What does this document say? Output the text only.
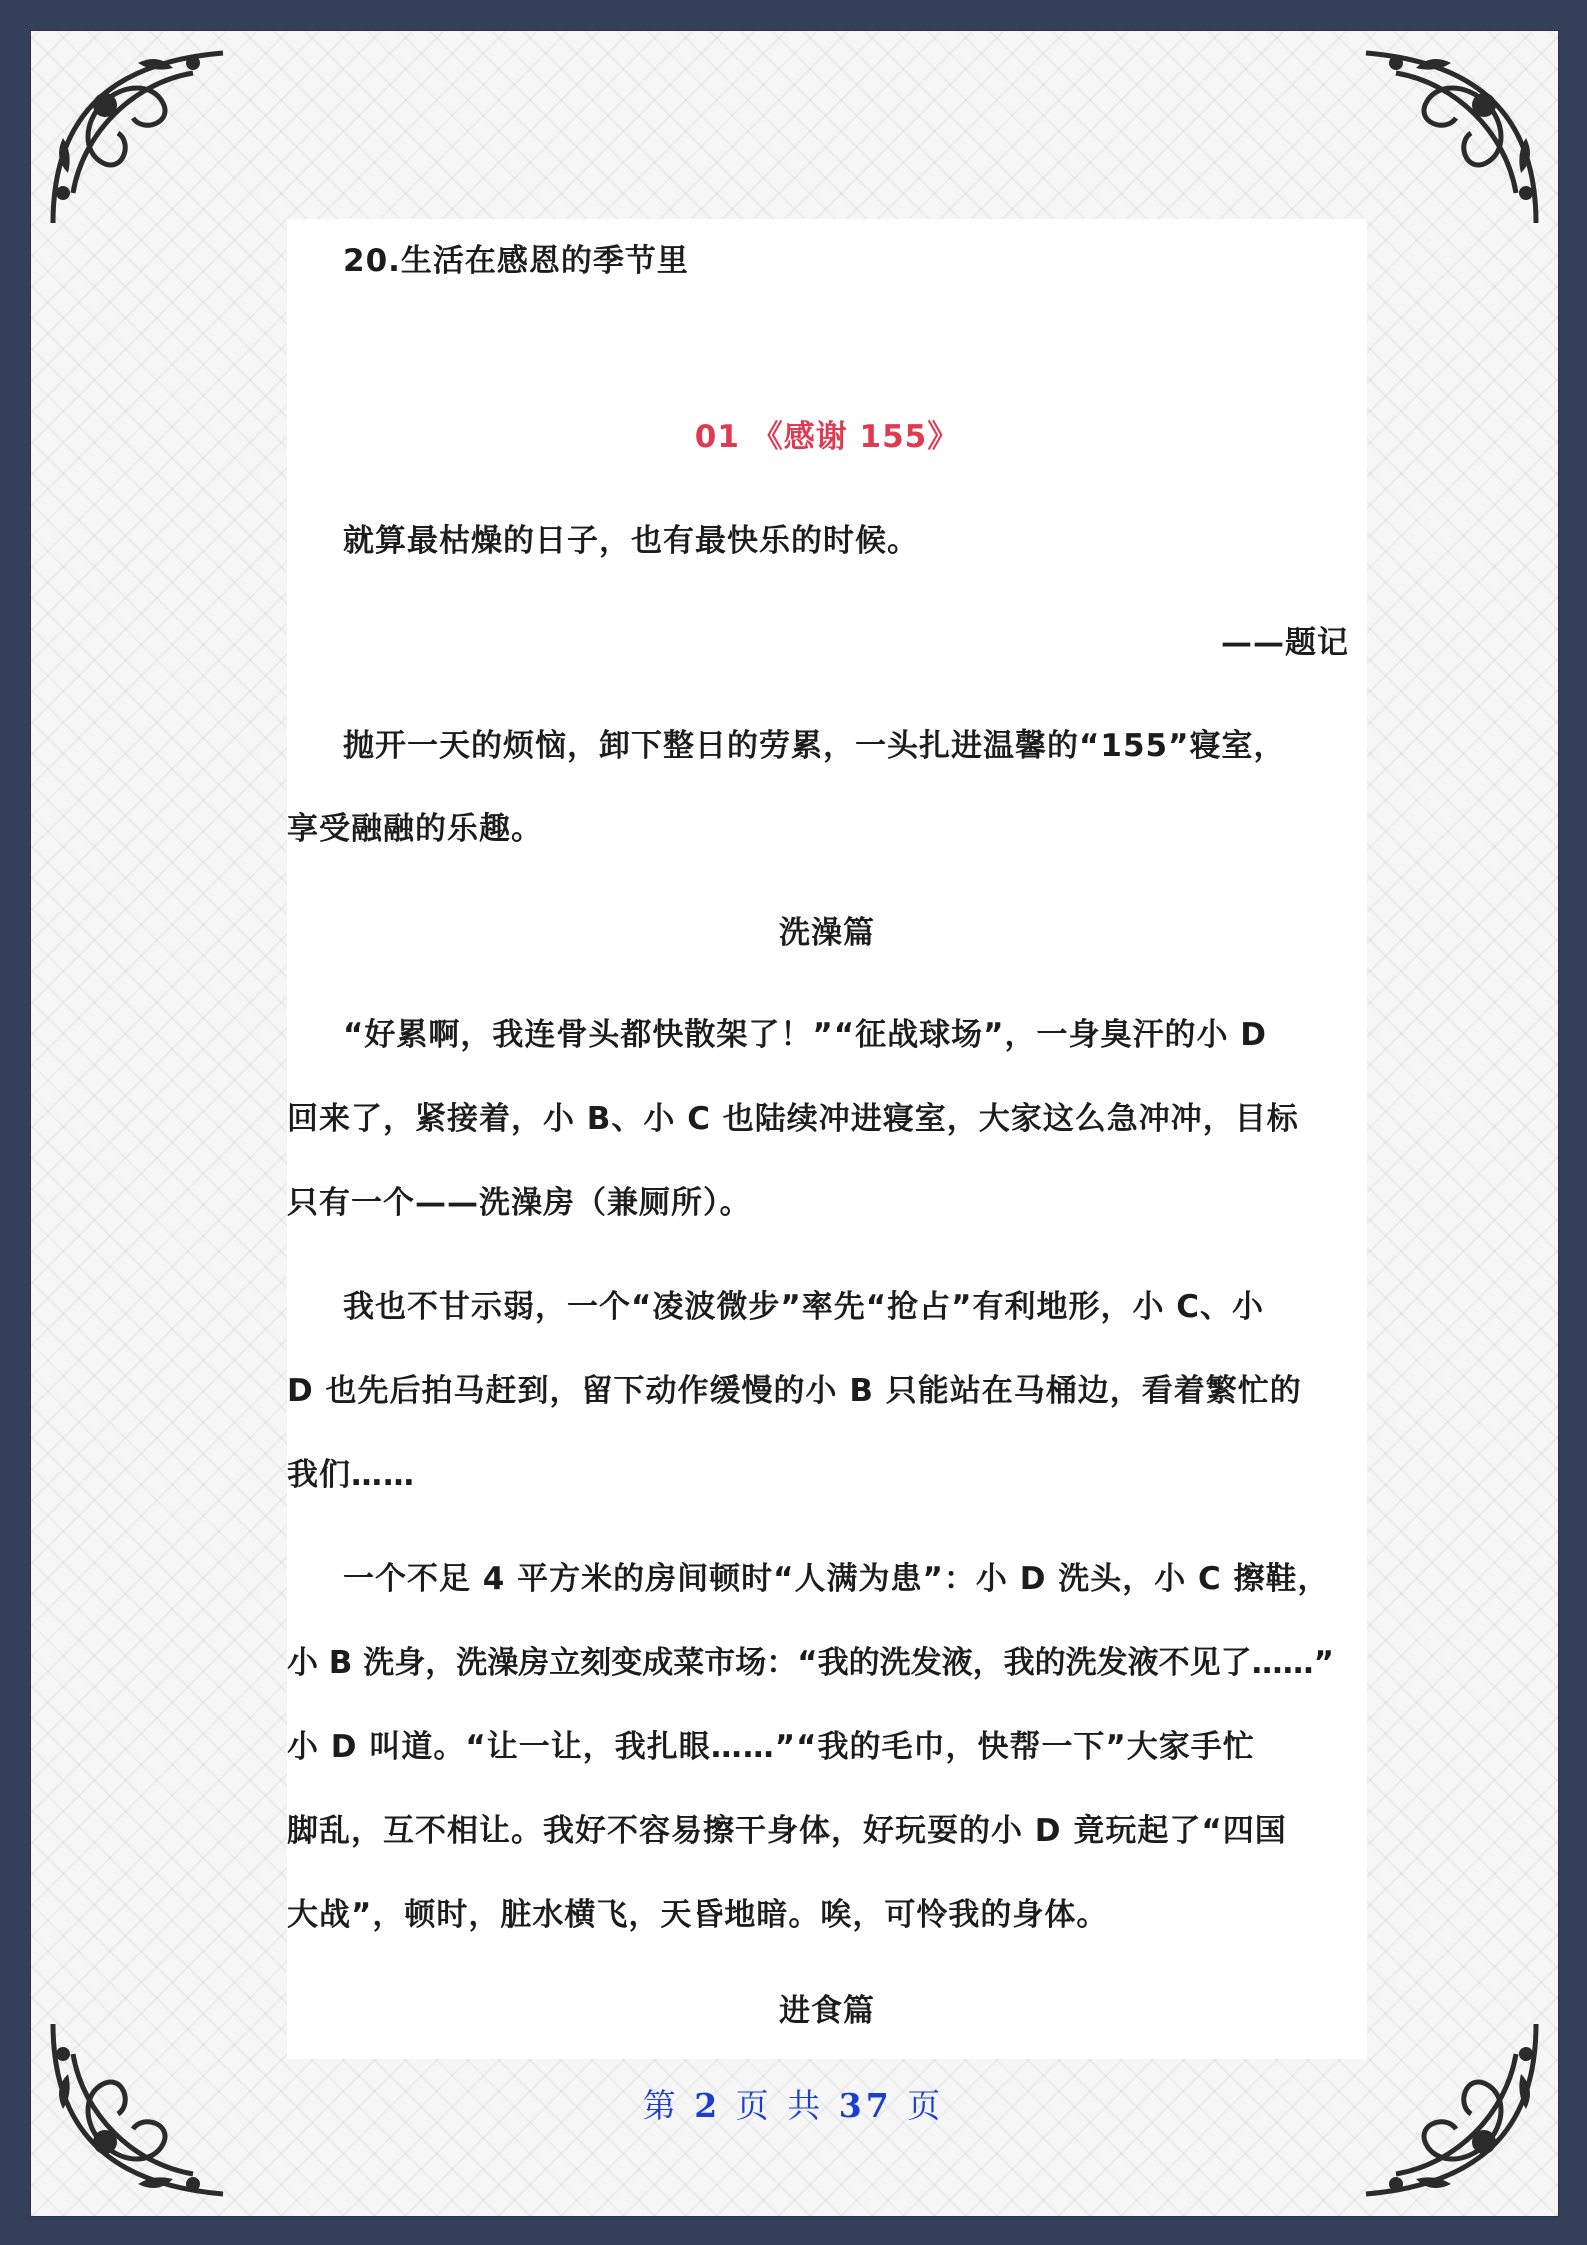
20.生活在感恩的季节里
01 《感谢 155》
就算最枯燥的日子，也有最快乐的时候。
——题记
抛开一天的烦恼，卸下整日的劳累，一头扎进温馨的“155”寝室，
享受融融的乐趣。
洗澡篇
“好累啊，我连骨头都快散架了！”“征战球场”，一身臭汗的小 D
回来了，紧接着，小 B、小 C 也陆续冲进寝室，大家这么急冲冲，目标
只有一个——洗澡房（兼厕所）。
我也不甘示弱，一个“凌波微步”率先“抢占”有利地形，小 C、小
D 也先后拍马赶到，留下动作缓慢的小 B 只能站在马桶边，看着繁忙的
我们……
一个不足 4 平方米的房间顿时“人满为患”：小 D 洗头，小 C 擦鞋，
小 B 洗身，洗澡房立刻变成菜市场：“我的洗发液，我的洗发液不见了……”
小 D 叫道。“让一让，我扎眼……”“我的毛巾，快帮一下”大家手忙
脚乱，互不相让。我好不容易擦干身体，好玩耍的小 D 竟玩起了“四国
大战”，顿时，脏水横飞，天昏地暗。唉，可怜我的身体。
进食篇
第 2 页 共 37 页
